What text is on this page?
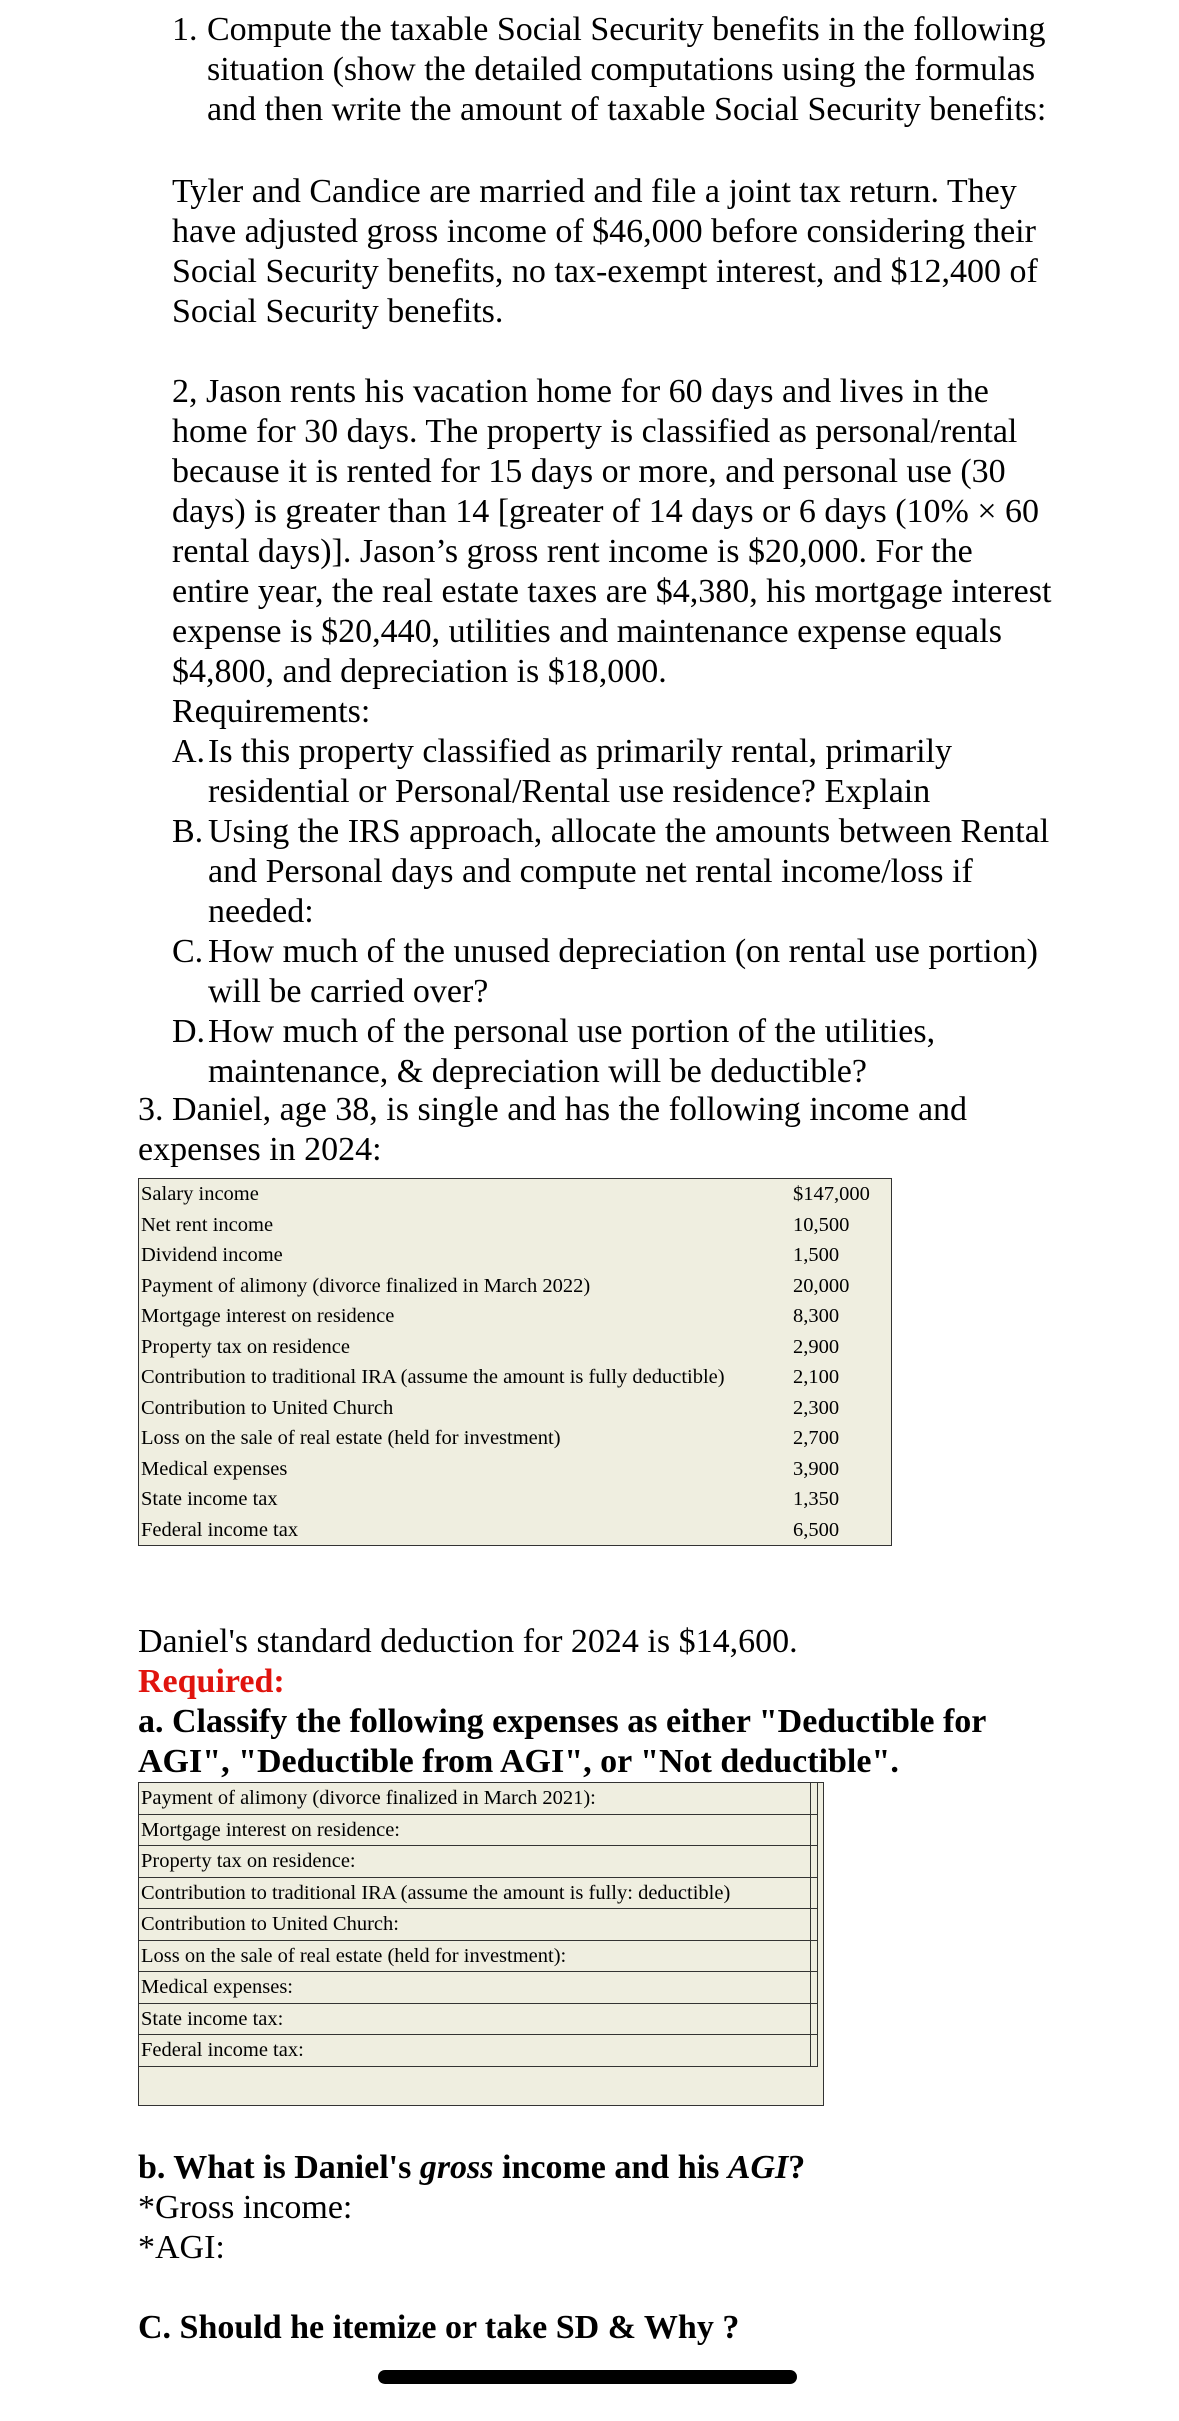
1. Compute the taxable Social Security benefits in the following situation (show the detailed computations using the formulas and then write the amount of taxable Social Security benefits:

Tyler and Candice are married and file a joint tax return. They have adjusted gross income of $46,000 before considering their Social Security benefits, no tax-exempt interest, and $12,400 of Social Security benefits.

2, Jason rents his vacation home for 60 days and lives in the home for 30 days. The property is classified as personal/rental because it is rented for 15 days or more, and personal use (30 days) is greater than 14 [greater of 14 days or 6 days (10% × 60 rental days)]. Jason’s gross rent income is $20,000. For the entire year, the real estate taxes are $4,380, his mortgage interest expense is $20,440, utilities and maintenance expense equals $4,800, and depreciation is $18,000.

Requirements:

A. Is this property classified as primarily rental, primarily residential or Personal/Rental use residence? Explain
B. Using the IRS approach, allocate the amounts between Rental and Personal days and compute net rental income/loss if needed:
C. How much of the unused depreciation (on rental use portion) will be carried over?
D. How much of the personal use portion of the utilities, maintenance, & depreciation will be deductible?

3. Daniel, age 38, is single and has the following income and expenses in 2024:

Salary income	$147,000
Net rent income	10,500
Dividend income	1,500
Payment of alimony (divorce finalized in March 2022)	20,000
Mortgage interest on residence	8,300
Property tax on residence	2,900
Contribution to traditional IRA (assume the amount is fully deductible)	2,100
Contribution to United Church	2,300
Loss on the sale of real estate (held for investment)	2,700
Medical expenses	3,900
State income tax	1,350
Federal income tax	6,500

Daniel's standard deduction for 2024 is $14,600.

Required:

a. Classify the following expenses as either "Deductible for AGI", "Deductible from AGI", or "Not deductible".

Payment of alimony (divorce finalized in March 2021):		
Mortgage interest on residence:		
Property tax on residence:		
Contribution to traditional IRA (assume the amount is fully: deductible)		
Contribution to United Church:		
Loss on the sale of real estate (held for investment):		
Medical expenses:		
State income tax:		
Federal income tax:		

b. What is Daniel's gross income and his AGI?

*Gross income:

*AGI:

C. Should he itemize or take SD & Why ?
